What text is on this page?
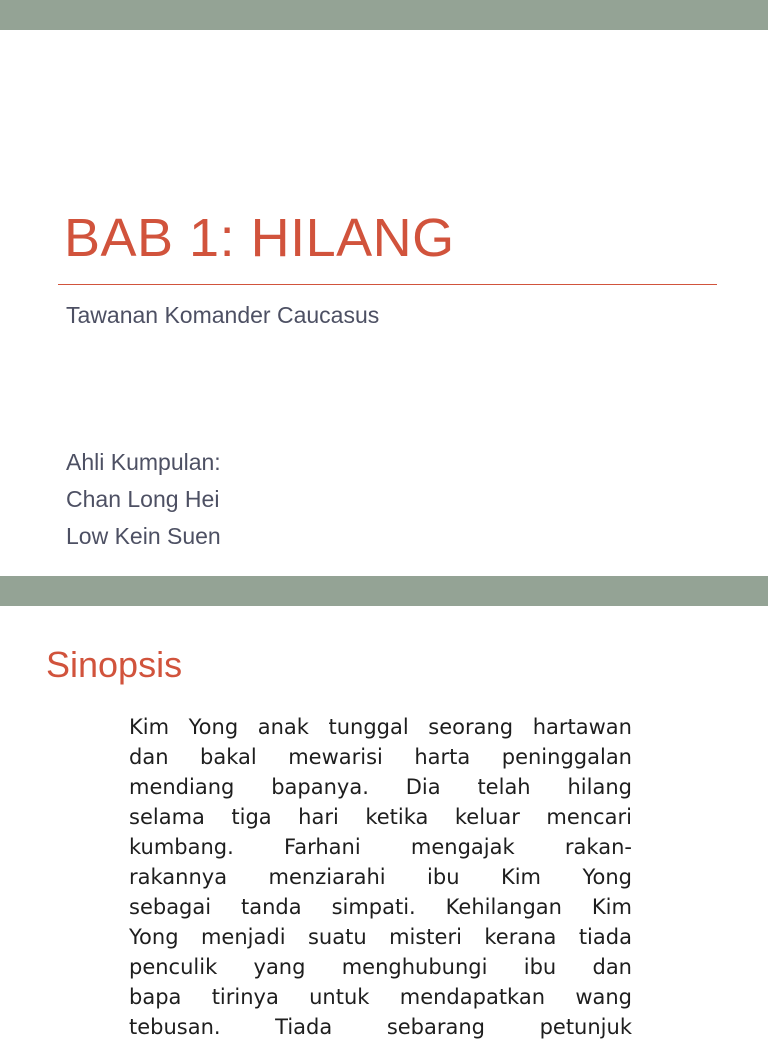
BAB 1: HILANG
Tawanan Komander Caucasus
Ahli Kumpulan:
Chan Long Hei
Low Kein Suen
Sinopsis
Kim Yong anak tunggal seorang hartawan
dan bakal mewarisi harta peninggalan
mendiang bapanya. Dia telah hilang
selama tiga hari ketika keluar mencari
kumbang. Farhani mengajak rakan-
rakannya menziarahi ibu Kim Yong
sebagai tanda simpati. Kehilangan Kim
Yong menjadi suatu misteri kerana tiada
penculik yang menghubungi ibu dan
bapa tirinya untuk mendapatkan wang
tebusan.	Tiada	sebarang	petunjuk
